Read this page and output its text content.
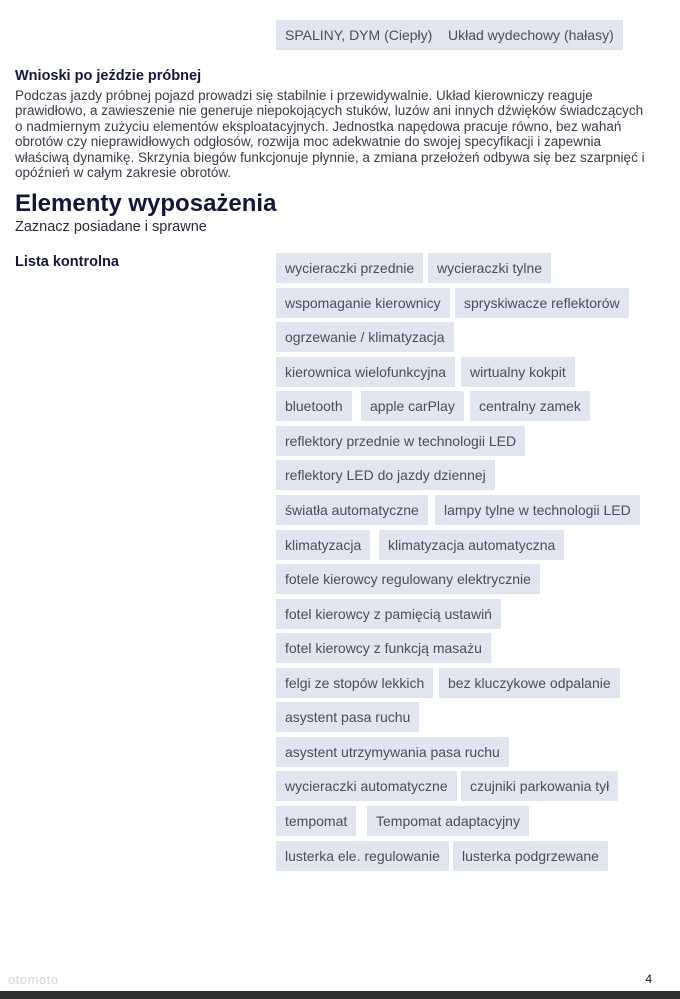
SPALINY, DYM (Ciepły)	Układ wydechowy (hałasy)
Wnioski po jeździe próbnej

Podczas jazdy próbnej pojazd prowadzi się stabilnie i przewidywalnie. Układ kierowniczy reaguje
prawidłowo, a zawieszenie nie generuje niepokojących stuków, luzów ani innych dźwięków świadczących
o nadmiernym zużyciu elementów eksploatacyjnych. Jednostka napędowa pracuje równo, bez wahań
obrotów czy nieprawidłowych odgłosów, rozwija moc adekwatnie do swojej specyfikacji i zapewnia
właściwą dynamikę. Skrzynia biegów funkcjonuje płynnie, a zmiana przełożeń odbywa się bez szarpnięć i
opóźnień w całym zakresie obrotów.

Elementy wyposażenia

Zaznacz posiadane i sprawne

Lista kontrolna	wycieraczki przednie	wycieraczki tylne
wspomaganie kierownicy	spryskiwacze reflektorów
ogrzewanie / klimatyzacja
kierownica wielofunkcyjna	wirtualny kokpit
bluetooth	apple carPlay	centralny zamek
reflektory przednie w technologii LED
reflektory LED do jazdy dziennej
światła automatyczne	lampy tylne w technologii LED
klimatyzacja	klimatyzacja automatyczna
fotele kierowcy regulowany elektrycznie
fotel kierowcy z pamięcią ustawiń
fotel kierowcy z funkcją masażu
felgi ze stopów lekkich	bez kluczykowe odpalanie
asystent pasa ruchu
asystent utrzymywania pasa ruchu
wycieraczki automatyczne	czujniki parkowania tył
tempomat	Tempomat adaptacyjny
lusterka ele. regulowanie	lusterka podgrzewane
otomoto	4
